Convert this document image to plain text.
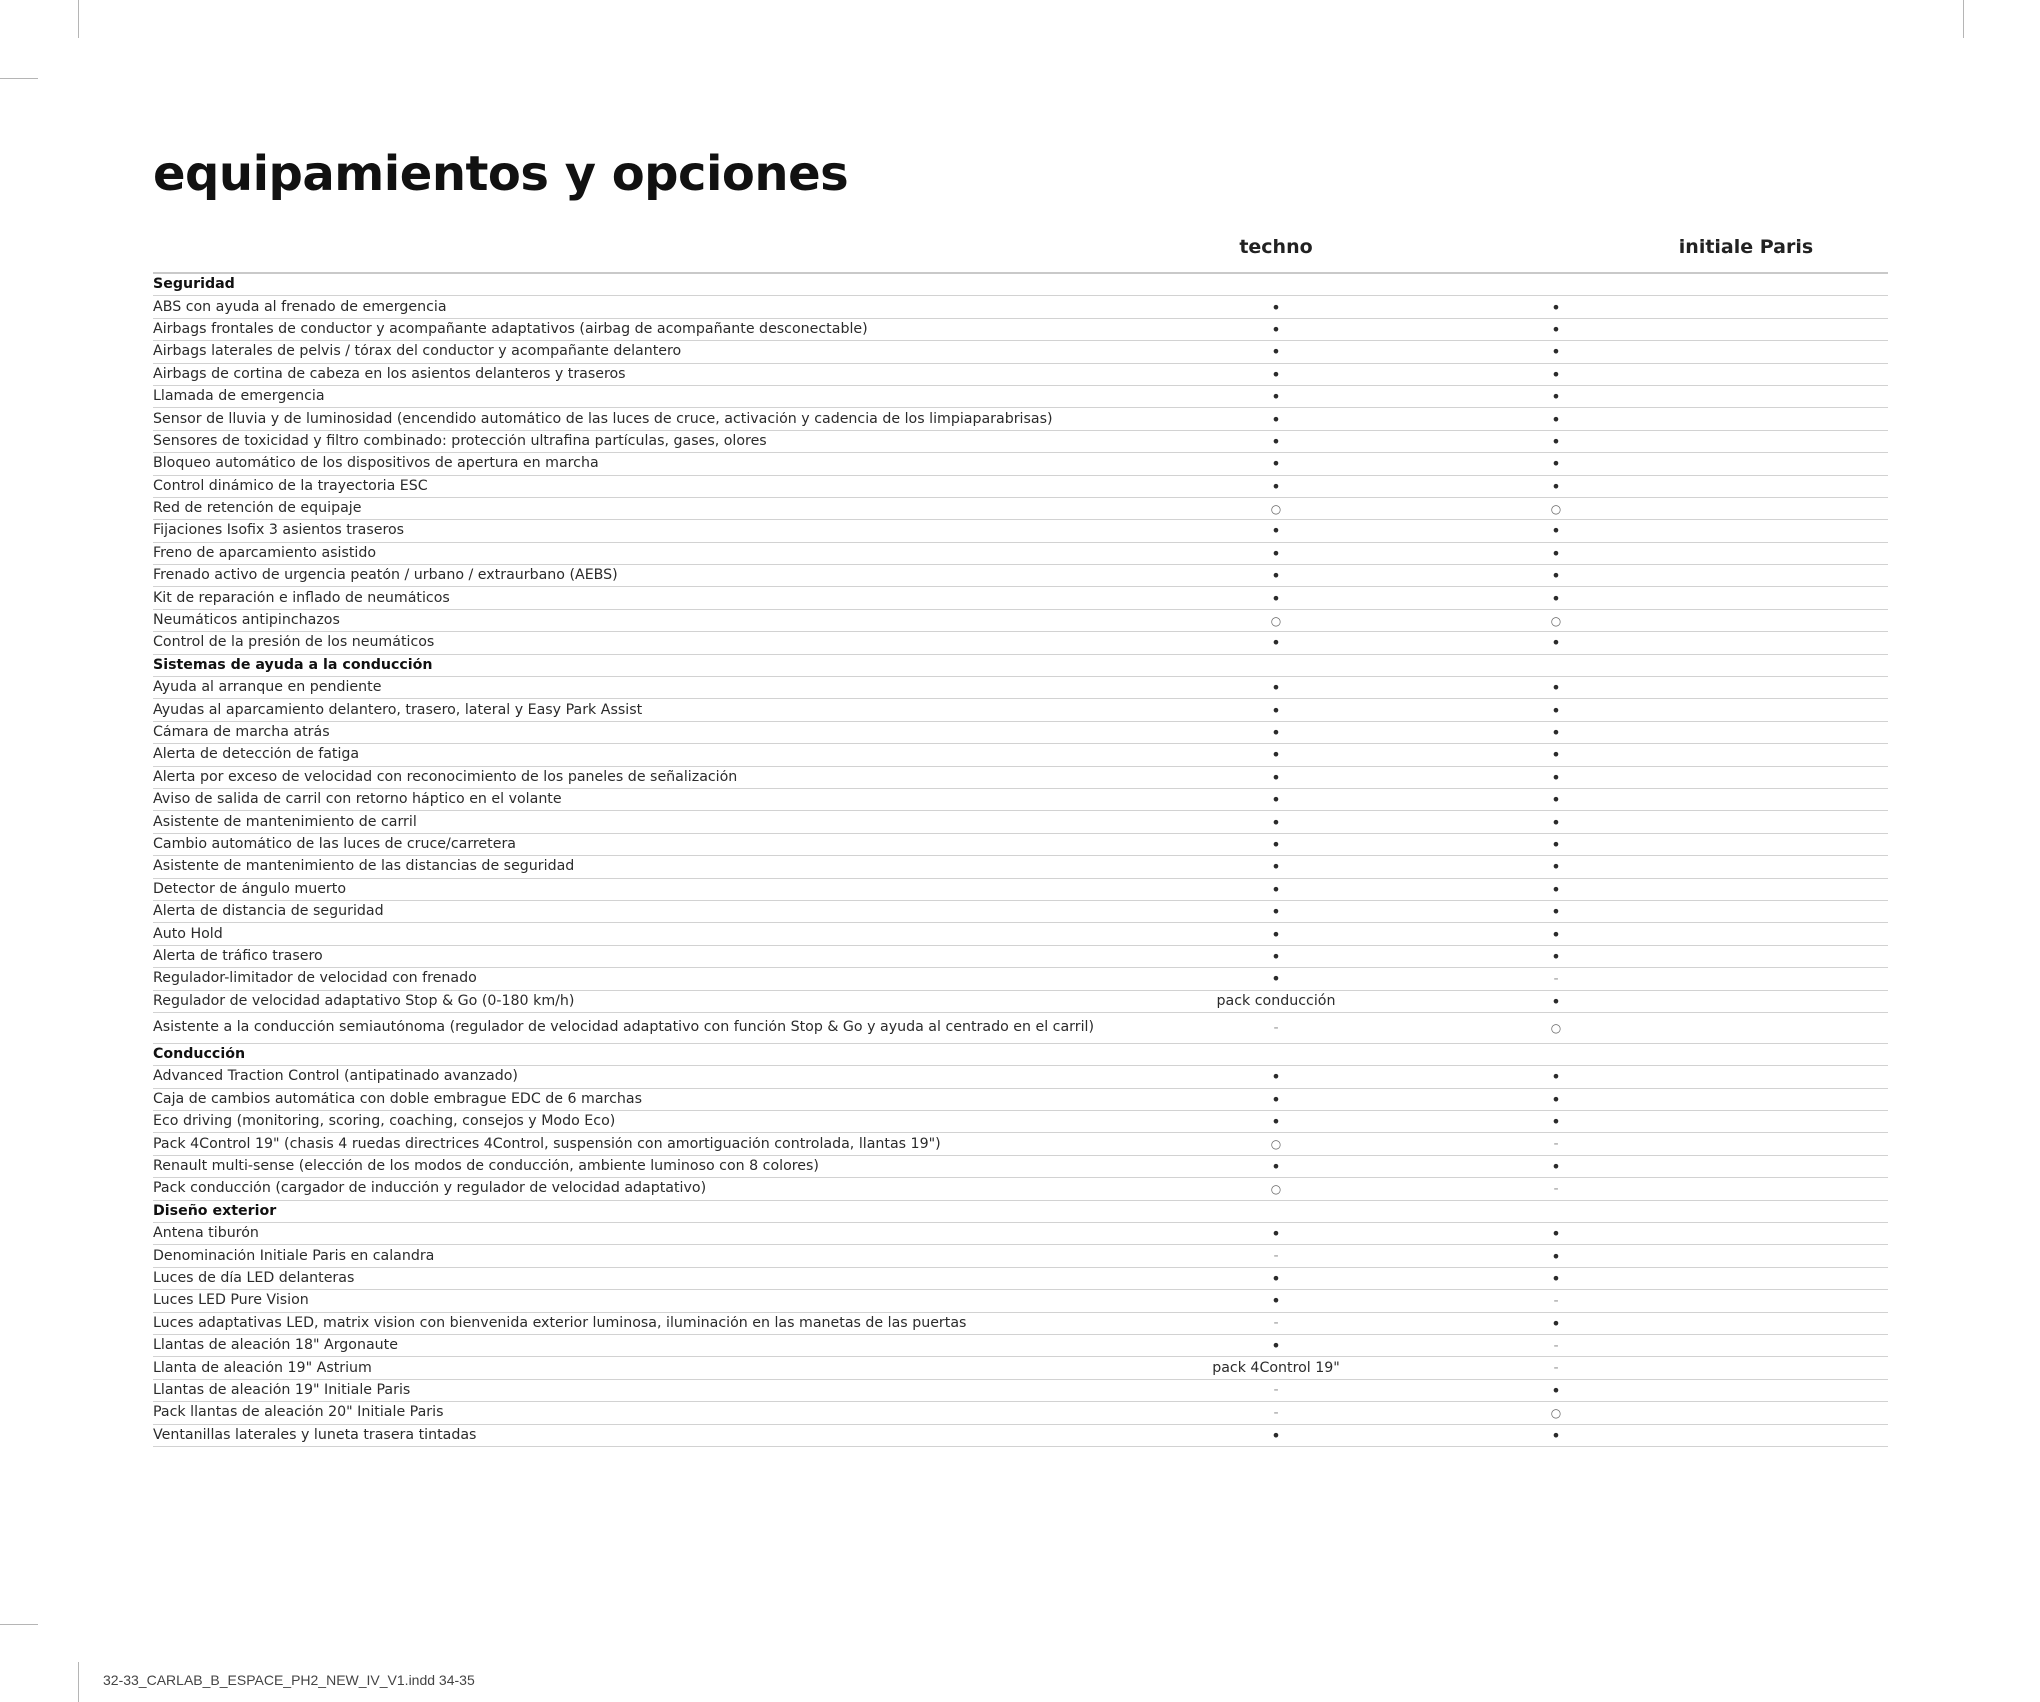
equipamientos y opciones
techno	initiale Paris
Seguridad
ABS con ayuda al frenado de emergencia	•	•
Airbags frontales de conductor y acompañante adaptativos (airbag de acompañante desconectable)	•	•
Airbags laterales de pelvis / tórax del conductor y acompañante delantero	•	•
Airbags de cortina de cabeza en los asientos delanteros y traseros	•	•
Llamada de emergencia	•	•
Sensor de lluvia y de luminosidad (encendido automático de las luces de cruce, activación y cadencia de los limpiaparabrisas)	•	•
Sensores de toxicidad y filtro combinado: protección ultrafina partículas, gases, olores	•	•
Bloqueo automático de los dispositivos de apertura en marcha	•	•
Control dinámico de la trayectoria ESC	•	•
Red de retención de equipaje	○	○
Fijaciones Isofix 3 asientos traseros	•	•
Freno de aparcamiento asistido	•	•
Frenado activo de urgencia peatón / urbano / extraurbano (AEBS)	•	•
Kit de reparación e inflado de neumáticos	•	•
Neumáticos antipinchazos	○	○
Control de la presión de los neumáticos	•	•
Sistemas de ayuda a la conducción
Ayuda al arranque en pendiente	•	•
Ayudas al aparcamiento delantero, trasero, lateral y Easy Park Assist	•	•
Cámara de marcha atrás	•	•
Alerta de detección de fatiga	•	•
Alerta por exceso de velocidad con reconocimiento de los paneles de señalización	•	•
Aviso de salida de carril con retorno háptico en el volante	•	•
Asistente de mantenimiento de carril	•	•
Cambio automático de las luces de cruce/carretera	•	•
Asistente de mantenimiento de las distancias de seguridad	•	•
Detector de ángulo muerto	•	•
Alerta de distancia de seguridad	•	•
Auto Hold	•	•
Alerta de tráfico trasero	•	•
Regulador-limitador de velocidad con frenado	•	-
Regulador de velocidad adaptativo Stop & Go (0-180 km/h)	pack conducción	•
Asistente a la conducción semiautónoma (regulador de velocidad adaptativo con función Stop & Go y ayuda al centrado en el carril)	-	○
Conducción
Advanced Traction Control (antipatinado avanzado)	•	•
Caja de cambios automática con doble embrague EDC de 6 marchas	•	•
Eco driving (monitoring, scoring, coaching, consejos y Modo Eco)	•	•
Pack 4Control 19" (chasis 4 ruedas directrices 4Control, suspensión con amortiguación controlada, llantas 19")	○	-
Renault multi-sense (elección de los modos de conducción, ambiente luminoso con 8 colores)	•	•
Pack conducción (cargador de inducción y regulador de velocidad adaptativo)	○	-
Diseño exterior
Antena tiburón	•	•
Denominación Initiale Paris en calandra	-	•
Luces de día LED delanteras	•	•
Luces LED Pure Vision	•	-
Luces adaptativas LED, matrix vision con bienvenida exterior luminosa, iluminación en las manetas de las puertas	-	•
Llantas de aleación 18" Argonaute	•	-
Llanta de aleación 19" Astrium	pack 4Control 19"	-
Llantas de aleación 19" Initiale Paris	-	•
Pack llantas de aleación 20" Initiale Paris	-	○
Ventanillas laterales y luneta trasera tintadas	•	•
32-33_CARLAB_B_ESPACE_PH2_NEW_IV_V1.indd 34-35
